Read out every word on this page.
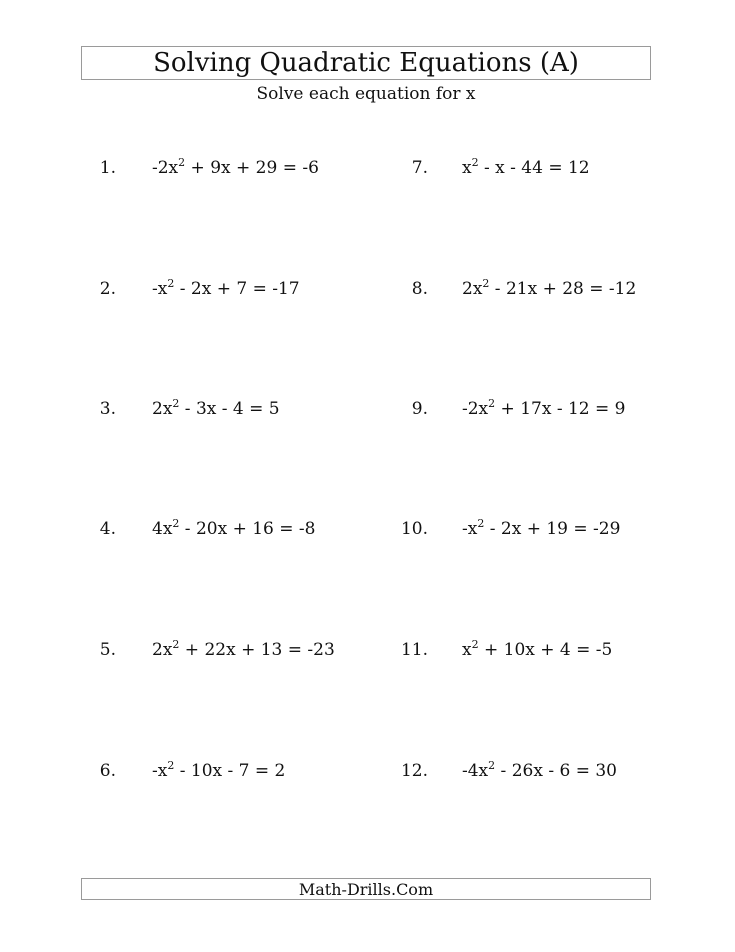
Solving Quadratic Equations (A)
Solve each equation for x
1. $-2x^2 + 9x + 29 = -6$
2. $-x^2 - 2x + 7 = -17$
3. $2x^2 - 3x - 4 = 5$
4. $4x^2 - 20x + 16 = -8$
5. $2x^2 + 22x + 13 = -23$
6. $-x^2 - 10x - 7 = 2$
7. $x^2 - x - 44 = 12$
8. $2x^2 - 21x + 28 = -12$
9. $-2x^2 + 17x - 12 = 9$
10. $-x^2 - 2x + 19 = -29$
11. $x^2 + 10x + 4 = -5$
12. $-4x^2 - 26x - 6 = 30$
Math-Drills.Com
